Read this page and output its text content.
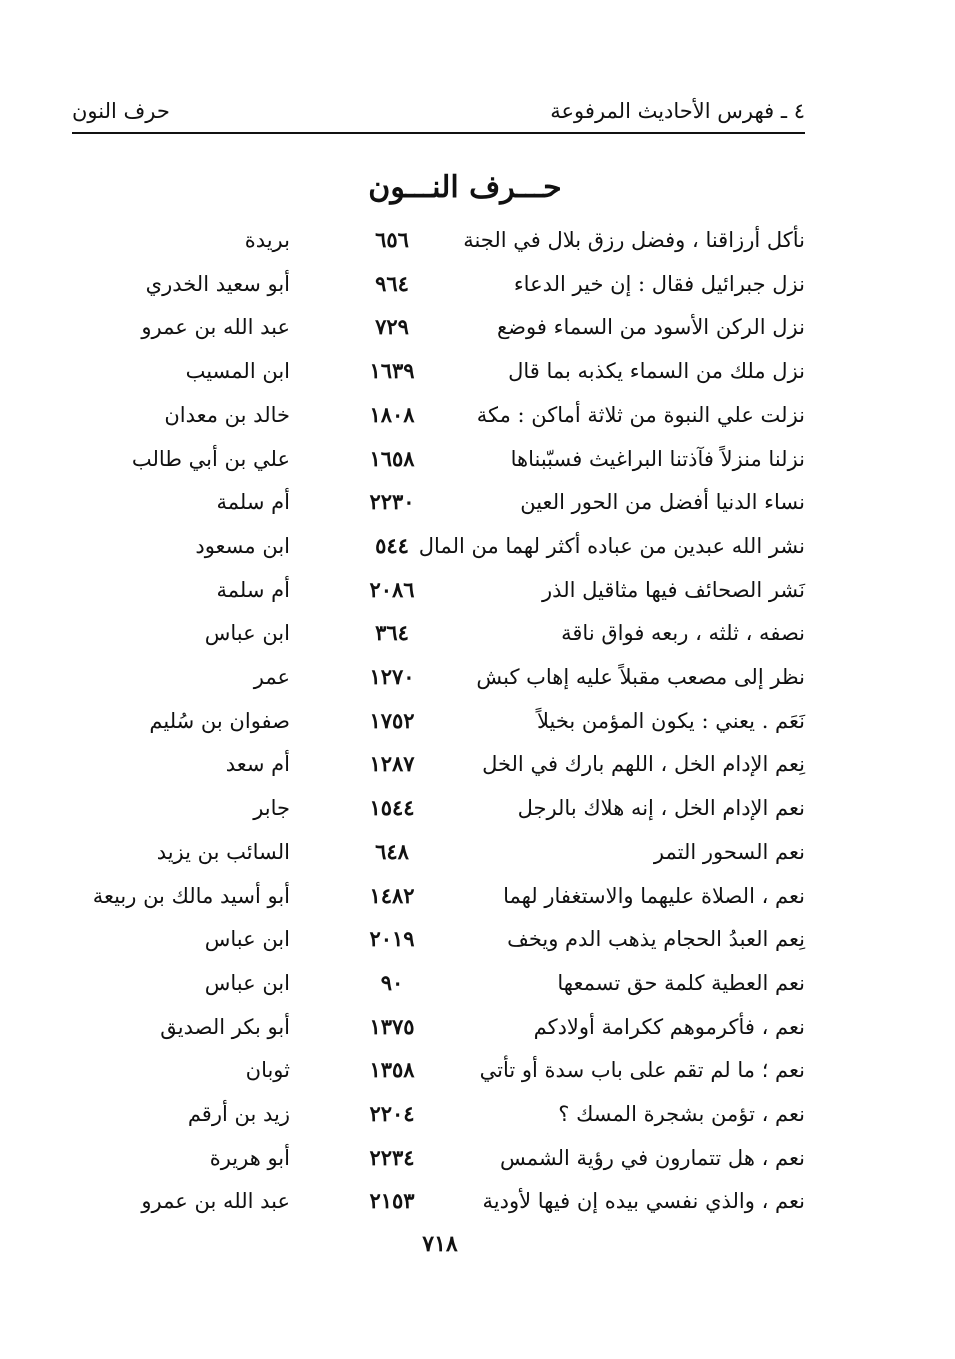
٤ ـ فهرس الأحاديث المرفوعة
حرف النون
حـــرف النـــون
نأكل أرزاقنا ، وفضل رزق بلال في الجنة
٦٥٦
بريدة
نزل جبرائيل فقال : إن خير الدعاء
٩٦٤
أبو سعيد الخدري
نزل الركن الأسود من السماء فوضع
٧٢٩
عبد الله بن عمرو
نزل ملك من السماء يكذبه بما قال
١٦٣٩
ابن المسيب
نزلت علي النبوة من ثلاثة أماكن : مكة
١٨٠٨
خالد بن معدان
نزلنا منزلاً فآذتنا البراغيث فسبّبناها
١٦٥٨
علي بن أبي طالب
نساء الدنيا أفضل من الحور العين
٢٢٣٠
أم سلمة
نشر الله عبدين من عباده أكثر لهما من المال
٥٤٤
ابن مسعود
نَشر الصحائف فيها مثاقيل الذر
٢٠٨٦
أم سلمة
نصفه ، ثلثه ، ربعه فواق ناقة
٣٦٤
ابن عباس
نظر إلى مصعب مقبلاً عليه إهاب كبش
١٢٧٠
عمر
نَعَم . يعني : يكون المؤمن بخيلاً
١٧٥٢
صفوان بن سُليم
نِعم الإدام الخل ، اللهم بارك في الخل
١٢٨٧
أم سعد
نعم الإدام الخل ، إنه هلاك بالرجل
١٥٤٤
جابر
نعم السحور التمر
٦٤٨
السائب بن يزيد
نعم ، الصلاة عليهما والاستغفار لهما
١٤٨٢
أبو أسيد مالك بن ربيعة
نِعم العبدُ الحجام يذهب الدم ويخف
٢٠١٩
ابن عباس
نعم العطية كلمة حق تسمعها
٩٠
ابن عباس
نعم ، فأكرموهم ككرامة أولادكم
١٣٧٥
أبو بكر الصديق
نعم ؛ ما لم تقم على باب سدة أو تأتي
١٣٥٨
ثوبان
نعم ، تؤمن بشجرة المسك ؟
٢٢٠٤
زيد بن أرقم
نعم ، هل تتمارون في رؤية الشمس
٢٢٣٤
أبو هريرة
نعم ، والذي نفسي بيده إن فيها لأودية
٢١٥٣
عبد الله بن عمرو
٧١٨
